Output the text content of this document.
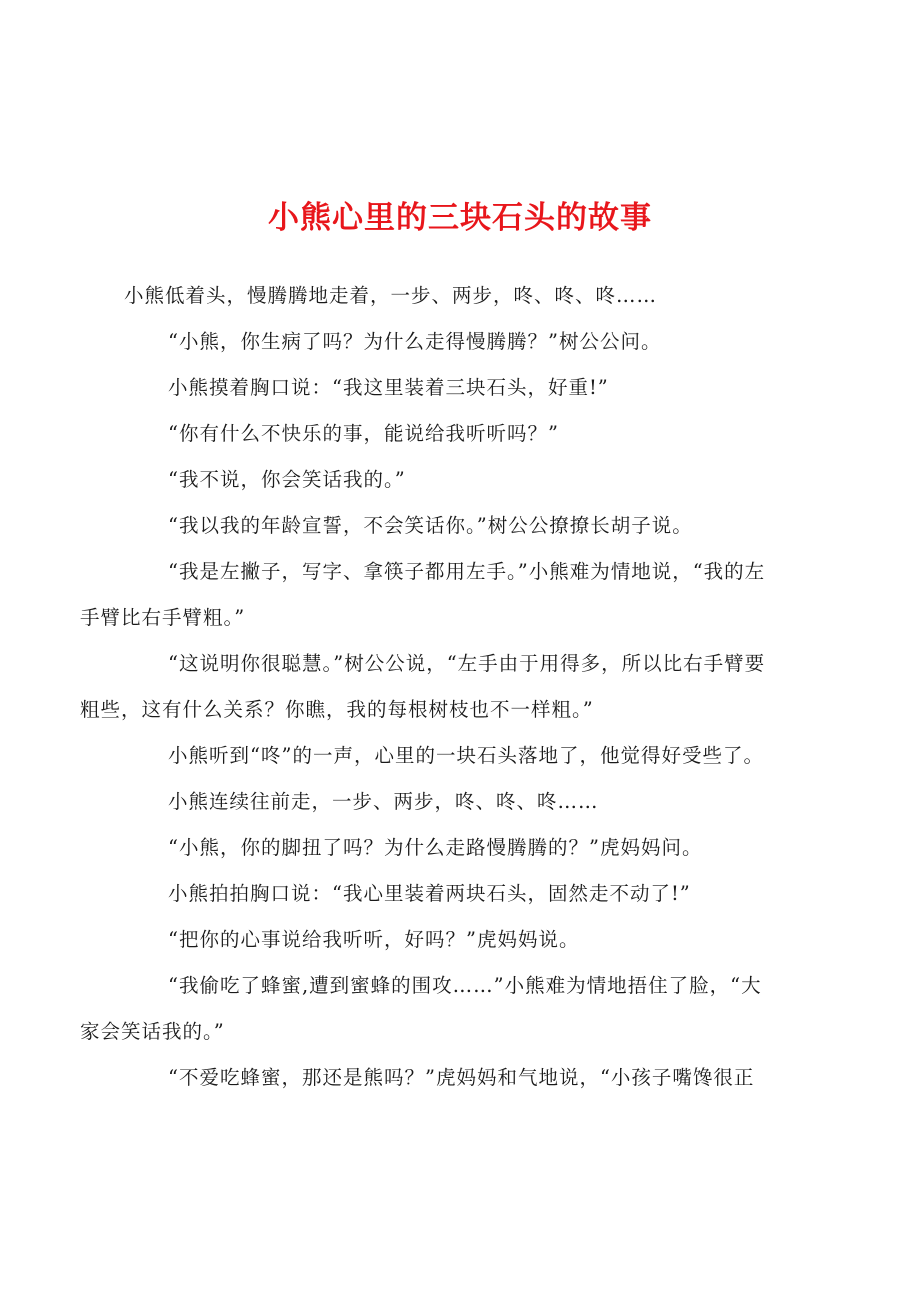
小熊心里的三块石头的故事

小熊低着头，慢腾腾地走着，一步、两步，咚、咚、咚……

“小熊，你生病了吗？为什么走得慢腾腾？”树公公问。

小熊摸着胸口说：“我这里装着三块石头，好重!”

“你有什么不快乐的事，能说给我听听吗？”

“我不说，你会笑话我的。”

“我以我的年龄宣誓，不会笑话你。”树公公撩撩长胡子说。

“我是左撇子，写字、拿筷子都用左手。”小熊难为情地说，“我的左
手臂比右手臂粗。”

“这说明你很聪慧。”树公公说，“左手由于用得多，所以比右手臂要
粗些，这有什么关系？你瞧，我的每根树枝也不一样粗。”

小熊听到“咚”的一声，心里的一块石头落地了，他觉得好受些了。

小熊连续往前走，一步、两步，咚、咚、咚……

“小熊，你的脚扭了吗？为什么走路慢腾腾的？”虎妈妈问。

小熊拍拍胸口说：“我心里装着两块石头，固然走不动了!”

“把你的心事说给我听听，好吗？”虎妈妈说。

“我偷吃了蜂蜜,遭到蜜蜂的围攻……”小熊难为情地捂住了脸，“大
家会笑话我的。”

“不爱吃蜂蜜，那还是熊吗？”虎妈妈和气地说，“小孩子嘴馋很正
